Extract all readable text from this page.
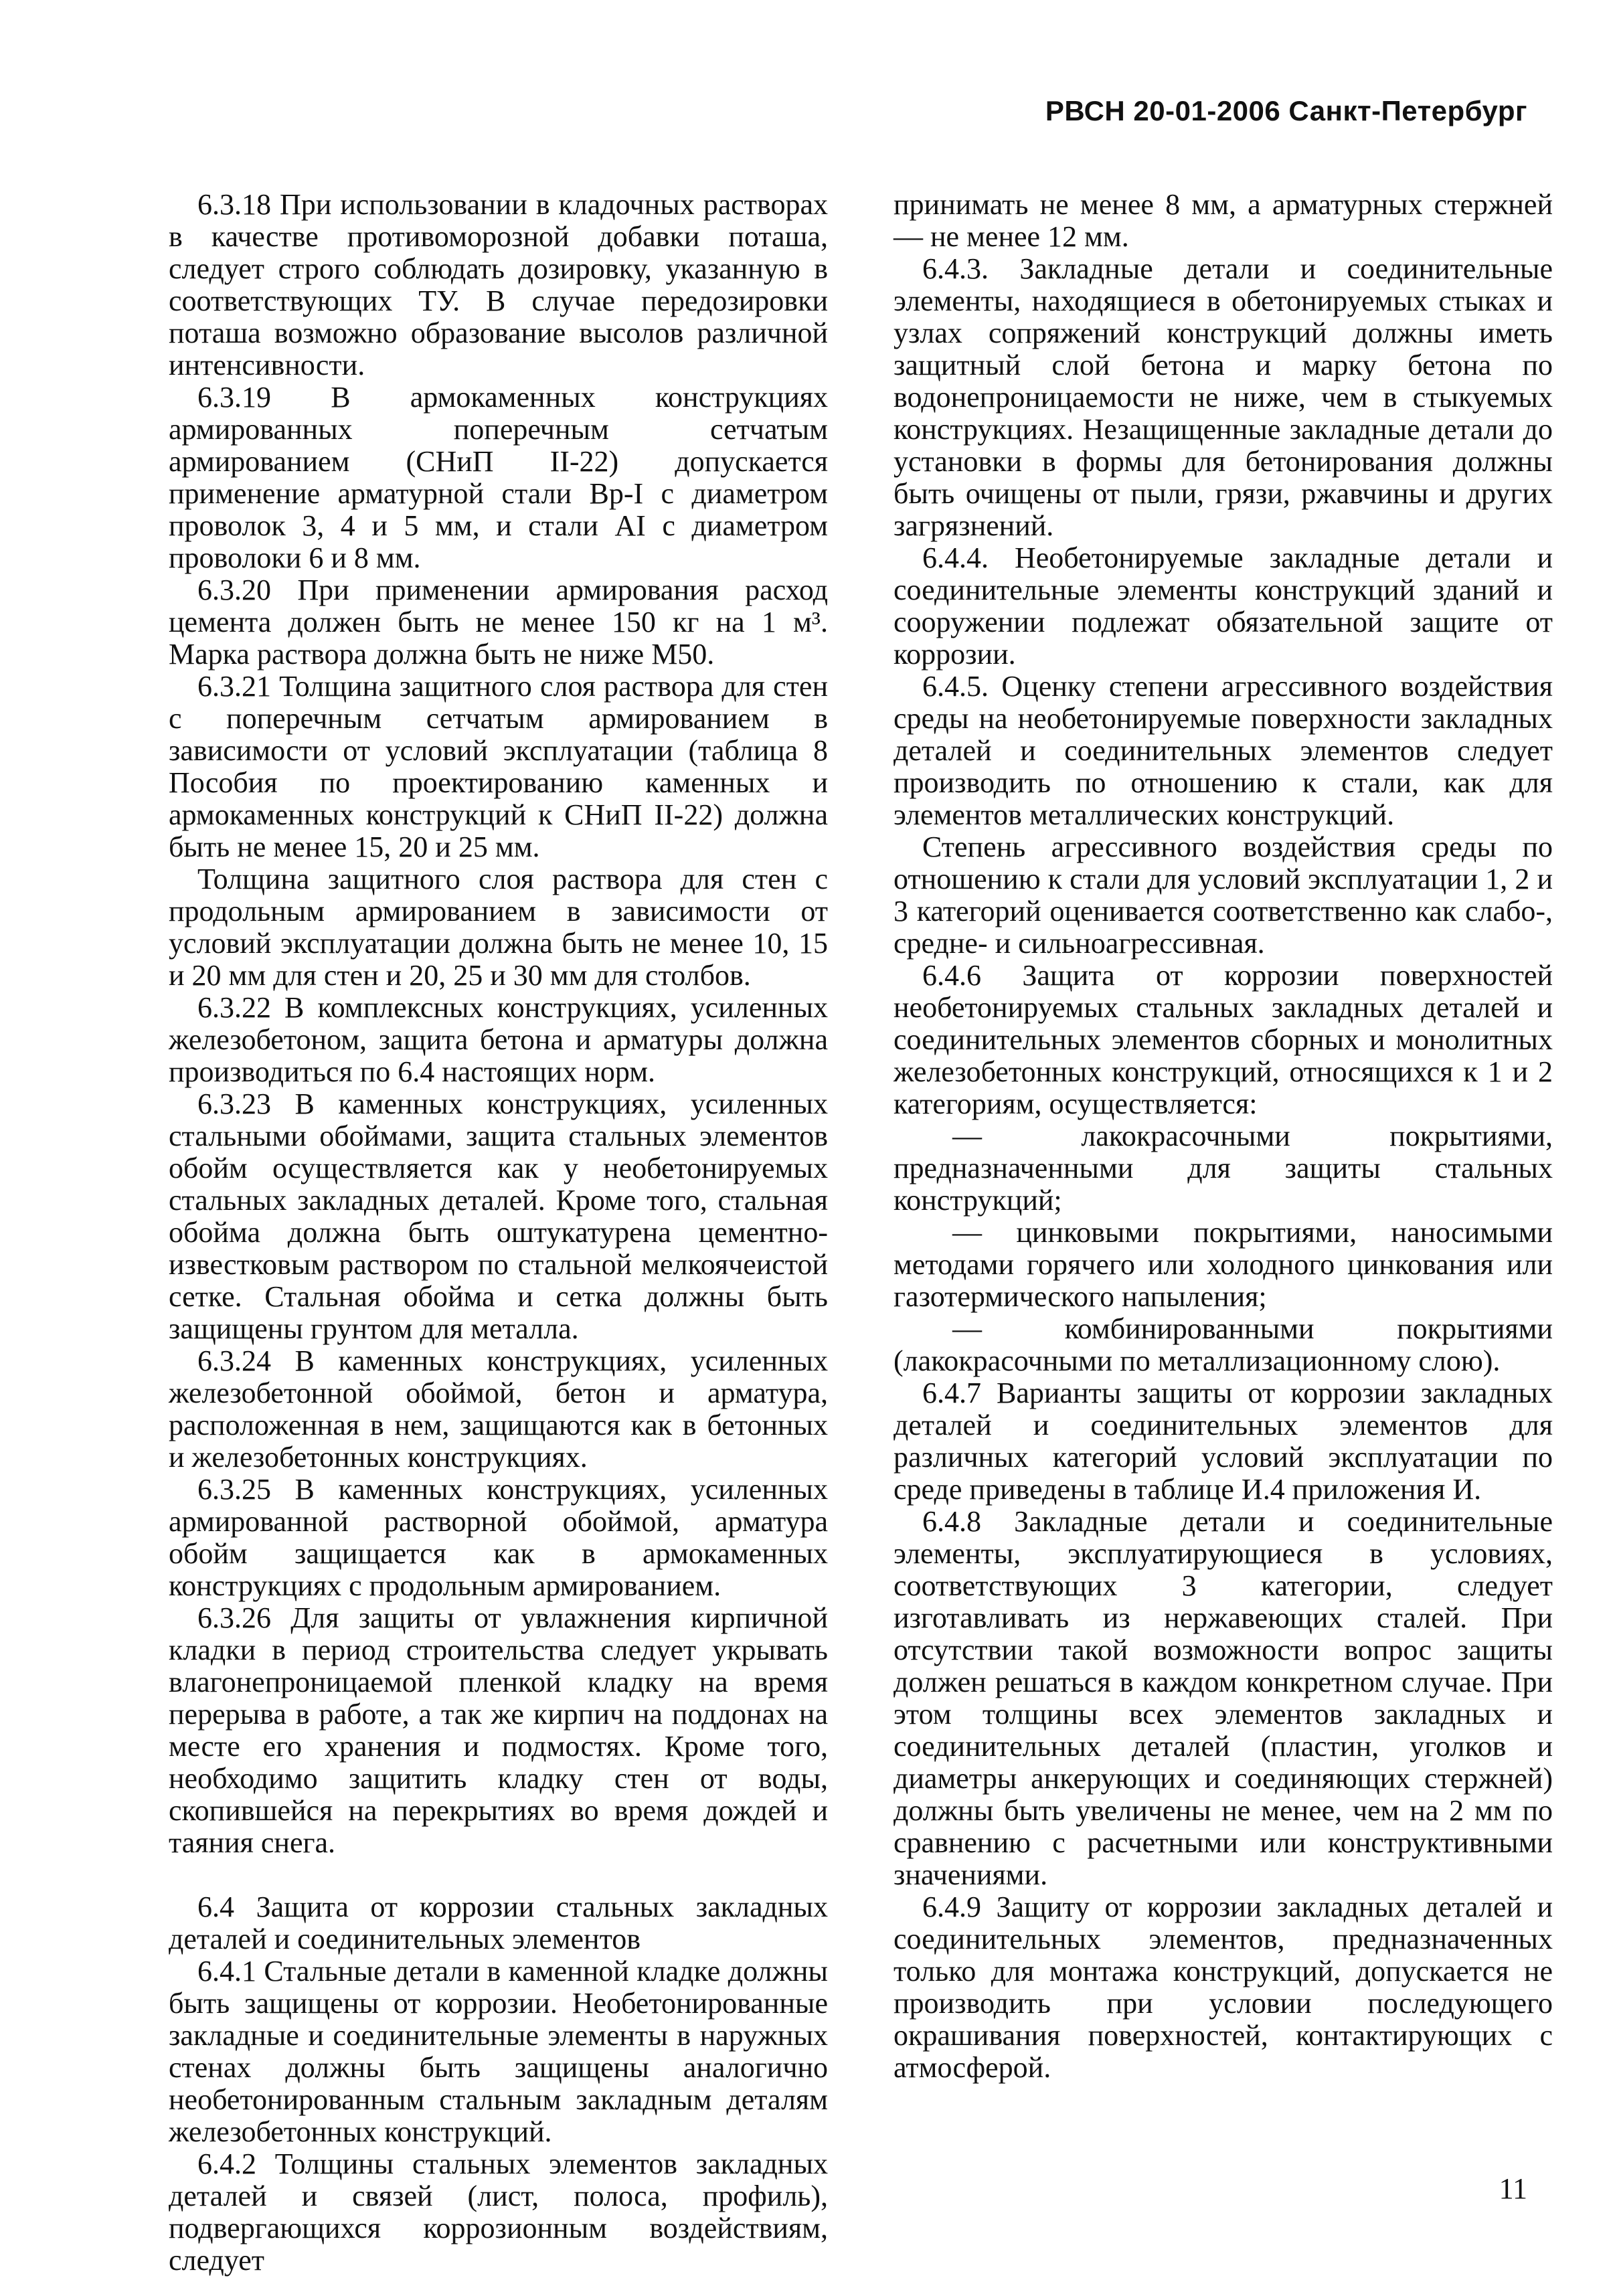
РВСН 20-01-2006 Санкт-Петербург

6.3.18 При использовании в кладочных растворах в качестве противоморозной добавки поташа, следует строго соблюдать дозировку, указанную в соответствующих ТУ. В случае передозировки поташа возможно образование высолов различной интенсивности.

6.3.19 В армокаменных конструкциях армированных поперечным сетчатым армированием (СНиП II-22) допускается применение арматурной стали Вр-I с диаметром проволок 3, 4 и 5 мм, и стали AI с диаметром проволоки 6 и 8 мм.

6.3.20 При применении армирования расход цемента должен быть не менее 150 кг на 1 м³. Марка раствора должна быть не ниже М50.

6.3.21 Толщина защитного слоя раствора для стен с поперечным сетчатым армированием в зависимости от условий эксплуатации (таблица 8 Пособия по проектированию каменных и армокаменных конструкций к СНиП II-22) должна быть не менее 15, 20 и 25 мм.

Толщина защитного слоя раствора для стен с продольным армированием в зависимости от условий эксплуатации должна быть не менее 10, 15 и 20 мм для стен и 20, 25 и 30 мм для столбов.

6.3.22 В комплексных конструкциях, усиленных железобетоном, защита бетона и арматуры должна производиться по 6.4 настоящих норм.

6.3.23 В каменных конструкциях, усиленных стальными обоймами, защита стальных элементов обойм осуществляется как у необетонируемых стальных закладных деталей. Кроме того, стальная обойма должна быть оштукатурена цементно-известковым раствором по стальной мелкоячеистой сетке. Стальная обойма и сетка должны быть защищены грунтом для металла.

6.3.24 В каменных конструкциях, усиленных железобетонной обоймой, бетон и арматура, расположенная в нем, защищаются как в бетонных и железобетонных конструкциях.

6.3.25 В каменных конструкциях, усиленных армированной растворной обоймой, арматура обойм защищается как в армокаменных конструкциях с продольным армированием.

6.3.26 Для защиты от увлажнения кирпичной кладки в период строительства следует укрывать влагонепроницаемой пленкой кладку на время перерыва в работе, а так же кирпич на поддонах на месте его хранения и подмостях. Кроме того, необходимо защитить кладку стен от воды, скопившейся на перекрытиях во время дождей и таяния снега.

6.4 Защита от коррозии стальных закладных деталей и соединительных элементов

6.4.1 Стальные детали в каменной кладке должны быть защищены от коррозии. Необетонированные закладные и соединительные элементы в наружных стенах должны быть защищены аналогично необетонированным стальным закладным деталям железобетонных конструкций.

6.4.2 Толщины стальных элементов закладных деталей и связей (лист, полоса, профиль), подвергающихся коррозионным воздействиям, следует

принимать не менее 8 мм, а арматурных стержней — не менее 12 мм.

6.4.3. Закладные детали и соединительные элементы, находящиеся в обетонируемых стыках и узлах сопряжений конструкций должны иметь защитный слой бетона и марку бетона по водонепроницаемости не ниже, чем в стыкуемых конструкциях. Незащищенные закладные детали до установки в формы для бетонирования должны быть очищены от пыли, грязи, ржавчины и других загрязнений.

6.4.4. Необетонируемые закладные детали и соединительные элементы конструкций зданий и сооружении подлежат обязательной защите от коррозии.

6.4.5. Оценку степени агрессивного воздействия среды на необетонируемые поверхности закладных деталей и соединительных элементов следует производить по отношению к стали, как для элементов металлических конструкций.

Степень агрессивного воздействия среды по отношению к стали для условий эксплуатации 1, 2 и 3 категорий оценивается соответственно как слабо-, средне- и сильноагрессивная.

6.4.6 Защита от коррозии поверхностей необетонируемых стальных закладных деталей и соединительных элементов сборных и монолитных железобетонных конструкций, относящихся к 1 и 2 категориям, осуществляется:

— лакокрасочными покрытиями, предназначенными для защиты стальных конструкций;

— цинковыми покрытиями, наносимыми методами горячего или холодного цинкования или газотермического напыления;

— комбинированными покрытиями (лакокрасочными по металлизационному слою).

6.4.7 Варианты защиты от коррозии закладных деталей и соединительных элементов для различных категорий условий эксплуатации по среде приведены в таблице И.4 приложения И.

6.4.8 Закладные детали и соединительные элементы, эксплуатирующиеся в условиях, соответствующих 3 категории, следует изготавливать из нержавеющих сталей. При отсутствии такой возможности вопрос защиты должен решаться в каждом конкретном случае. При этом толщины всех элементов закладных и соединительных деталей (пластин, уголков и диаметры анкерующих и соединяющих стержней) должны быть увеличены не менее, чем на 2 мм по сравнению с расчетными или конструктивными значениями.

6.4.9 Защиту от коррозии закладных деталей и соединительных элементов, предназначенных только для монтажа конструкций, допускается не производить при условии последующего окрашивания поверхностей, контактирующих с атмосферой.

11
